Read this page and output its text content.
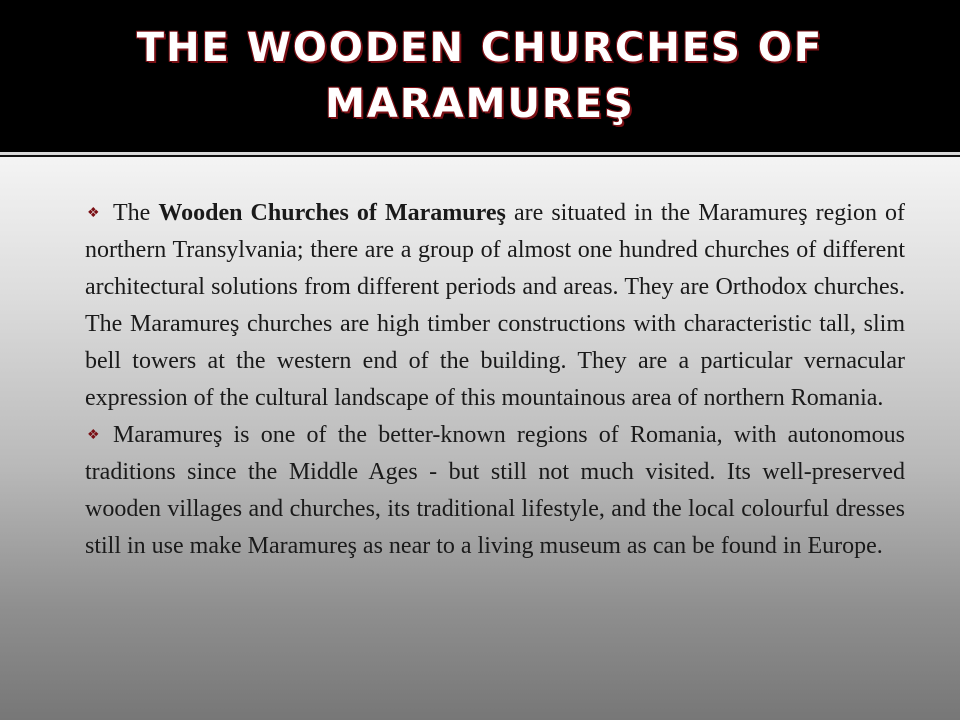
THE WOODEN CHURCHES OF MARAMUREŞ
❖ The Wooden Churches of Maramureş are situated in the Maramureş region of northern Transylvania; there are a group of almost one hundred churches of different architectural solutions from different periods and areas. They are Orthodox churches. The Maramureş churches are high timber constructions with characteristic tall, slim bell towers at the western end of the building. They are a particular vernacular expression of the cultural landscape of this mountainous area of northern Romania.
❖ Maramureş is one of the better-known regions of Romania, with autonomous traditions since the Middle Ages - but still not much visited. Its well-preserved wooden villages and churches, its traditional lifestyle, and the local colourful dresses still in use make Maramureş as near to a living museum as can be found in Europe.
